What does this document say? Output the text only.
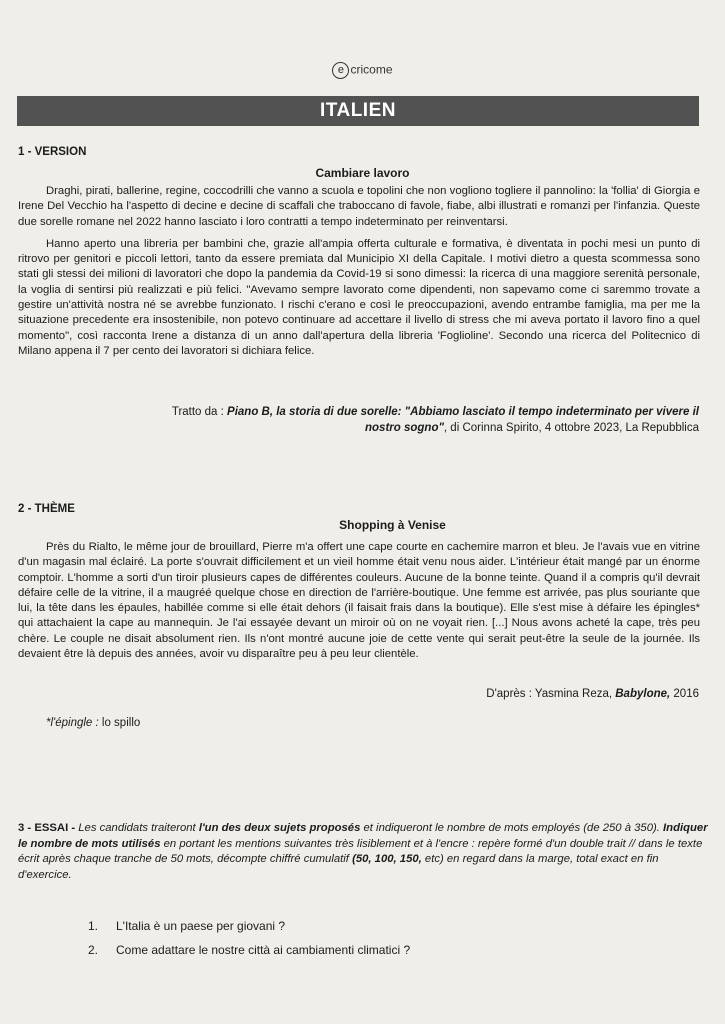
e cricome
ITALIEN
1 - VERSION
Cambiare lavoro

Draghi, pirati, ballerine, regine, coccodrilli che vanno a scuola e topolini che non vogliono togliere il pannolino: la 'follia' di Giorgia e Irene Del Vecchio ha l'aspetto di decine e decine di scaffali che traboccano di favole, fiabe, albi illustrati e romanzi per l'infanzia. Queste due sorelle romane nel 2022 hanno lasciato i loro contratti a tempo indeterminato per reinventarsi.

Hanno aperto una libreria per bambini che, grazie all'ampia offerta culturale e formativa, è diventata in pochi mesi un punto di ritrovo per genitori e piccoli lettori, tanto da essere premiata dal Municipio XI della Capitale. I motivi dietro a questa scommessa sono stati gli stessi dei milioni di lavoratori che dopo la pandemia da Covid-19 si sono dimessi: la ricerca di una maggiore serenità personale, la voglia di sentirsi più realizzati e più felici. "Avevamo sempre lavorato come dipendenti, non sapevamo come ci saremmo trovate a gestire un'attività nostra né se avrebbe funzionato. I rischi c'erano e così le preoccupazioni, avendo entrambe famiglia, ma per me la situazione precedente era insostenibile, non potevo continuare ad accettare il livello di stress che mi aveva portato il lavoro fino a quel momento", così racconta Irene a distanza di un anno dall'apertura della libreria 'Foglioline'. Secondo una ricerca del Politecnico di Milano appena il 7 per cento dei lavoratori si dichiara felice.

Tratto da : Piano B, la storia di due sorelle: "Abbiamo lasciato il tempo indeterminato per vivere il nostro sogno", di Corinna Spirito, 4 ottobre 2023, La Repubblica
2 - THÈME
Shopping à Venise

Près du Rialto, le même jour de brouillard, Pierre m'a offert une cape courte en cachemire marron et bleu. Je l'avais vue en vitrine d'un magasin mal éclairé. La porte s'ouvrait difficilement et un vieil homme était venu nous aider. L'intérieur était mangé par un énorme comptoir. L'homme a sorti d'un tiroir plusieurs capes de différentes couleurs. Aucune de la bonne teinte. Quand il a compris qu'il devrait défaire celle de la vitrine, il a maugréé quelque chose en direction de l'arrière-boutique. Une femme est arrivée, pas plus souriante que lui, la tête dans les épaules, habillée comme si elle était dehors (il faisait frais dans la boutique). Elle s'est mise à défaire les épingles* qui attachaient la cape au mannequin. Je l'ai essayée devant un miroir où on ne voyait rien. [...] Nous avons acheté la cape, très peu chère. Le couple ne disait absolument rien. Ils n'ont montré aucune joie de cette vente qui serait peut-être la seule de la journée. Ils devaient être là depuis des années, avoir vu disparaître peu à peu leur clientèle.

D'après : Yasmina Reza, Babylone, 2016
*l'épingle : lo spillo
3 - ESSAI - Les candidats traiteront l'un des deux sujets proposés et indiqueront le nombre de mots employés (de 250 à 350). Indiquer le nombre de mots utilisés en portant les mentions suivantes très lisiblement et à l'encre : repère formé d'un double trait // dans le texte écrit après chaque tranche de 50 mots, décompte chiffré cumulatif (50, 100, 150, etc) en regard dans la marge, total exact en fin d'exercice.
1. L'Italia è un paese per giovani ?
2. Come adattare le nostre città ai cambiamenti climatici ?
